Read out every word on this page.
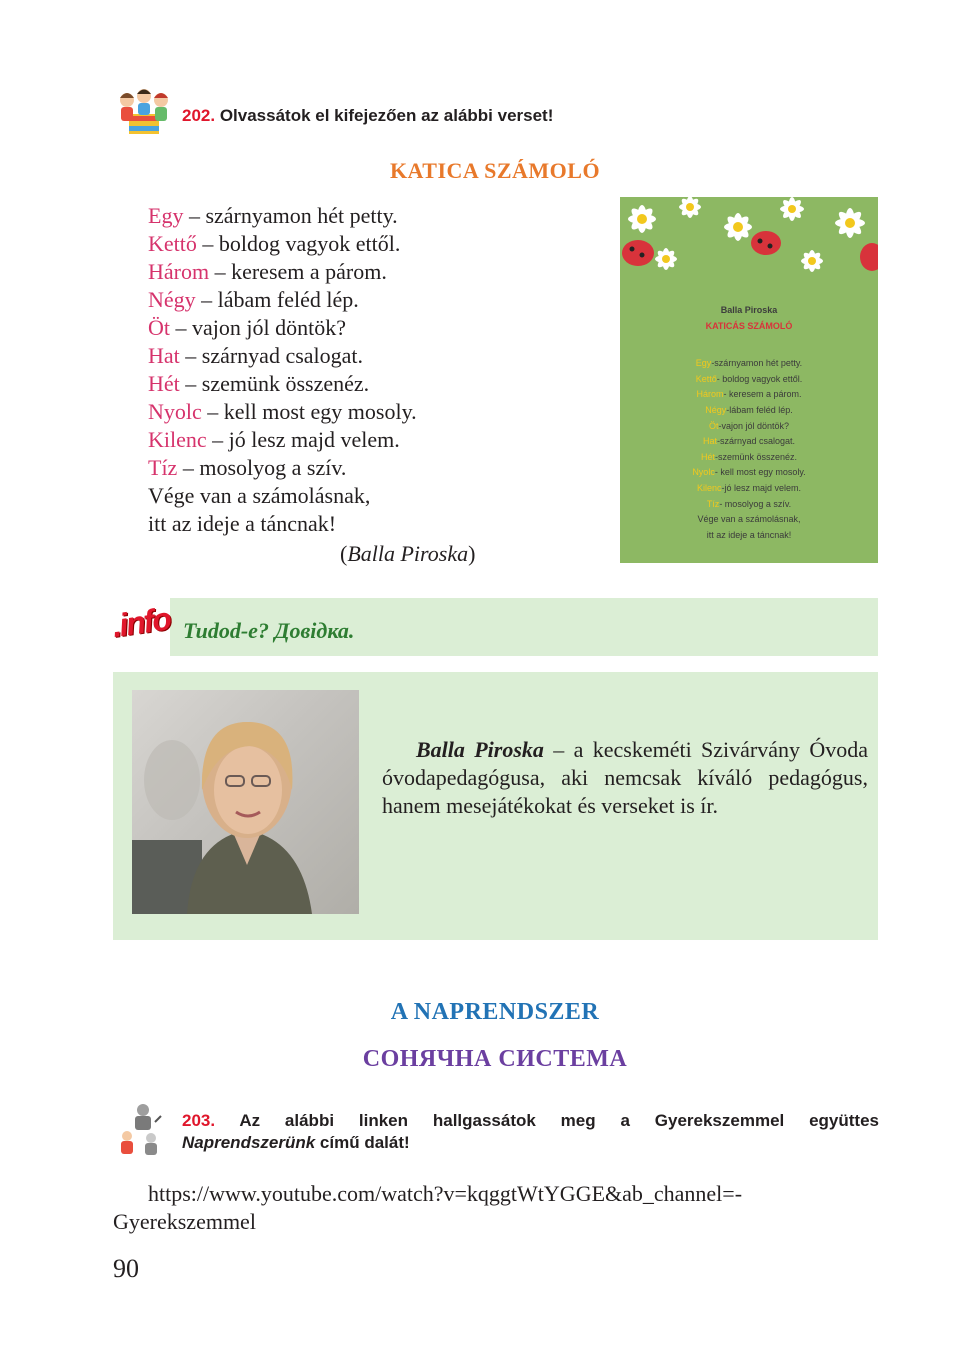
202. Olvassátok el kifejezően az alábbi verset!
KATICA SZÁMOLÓ
Egy – szárnyamon hét petty.
Kettő – boldog vagyok ettől.
Három – keresem a párom.
Négy – lábam feléd lép.
Öt – vajon jól döntök?
Hat – szárnyad csalogat.
Hét – szemünk összenéz.
Nyolc – kell most egy mosoly.
Kilenc – jó lesz majd velem.
Tíz – mosolyog a szív.
Vége van a számolásnak,
itt az ideje a táncnak!
(Balla Piroska)
Balla Piroska
KATICÁS SZÁMOLÓ
Egy-szárnyamon hét petty.
Kettő- boldog vagyok ettől.
Három- keresem a párom.
Négy-lábam feléd lép.
Öt-vajon jól döntök?
Hat-szárnyad csalogat.
Hét-szemünk összenéz.
Nyolc- kell most egy mosoly.
Kilenc-jó lesz majd velem.
Tíz- mosolyog a szív.
Vége van a számolásnak,
itt az ideje a táncnak!
.info Tudod-e? Довідка.
Balla Piroska – a kecskeméti Szivárvány Óvoda óvodapedagógusa, aki nemcsak kíváló pedagógus, hanem mesejátékokat és verseket is ír.
A NAPRENDSZER
СОНЯЧНА СИСТЕМА
203. Az alábbi linken hallgassátok meg a Gyerekszemmel együttes
Naprendszerünk című dalát!
https://www.youtube.com/watch?v=kqggtWtYGGE&ab_channel=-
Gyerekszemmel
90
